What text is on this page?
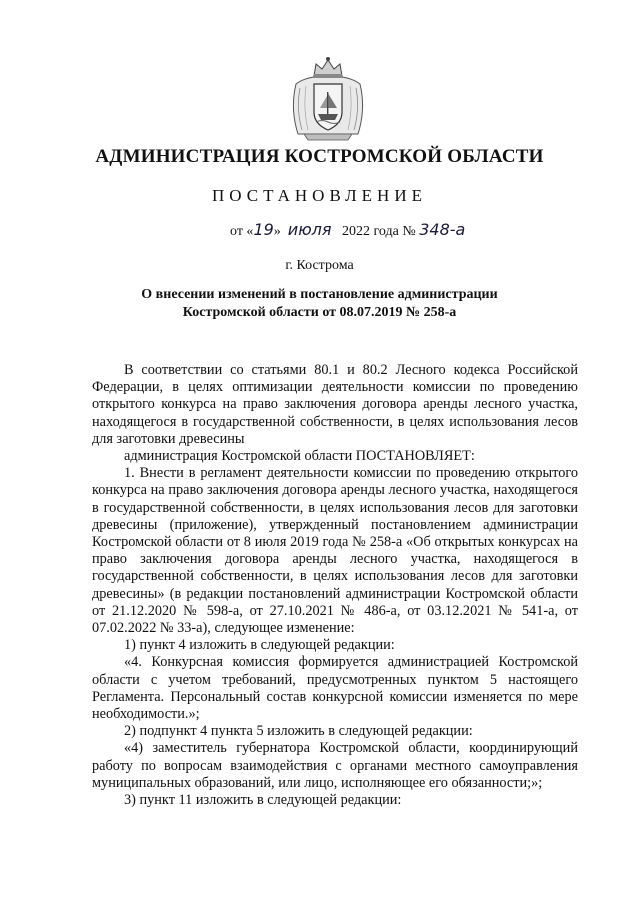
АДМИНИСТРАЦИЯ КОСТРОМСКОЙ ОБЛАСТИ
ПОСТАНОВЛЕНИЕ
от «19» июля 2022 года № 348-а
г. Кострома
О внесении изменений в постановление администрации
Костромской области от 08.07.2019 № 258-а

В соответствии со статьями 80.1 и 80.2 Лесного кодекса Российской Федерации, в целях оптимизации деятельности комиссии по проведению открытого конкурса на право заключения договора аренды лесного участка, находящегося в государственной собственности, в целях использования лесов для заготовки древесины

администрация Костромской области ПОСТАНОВЛЯЕТ:

1. Внести в регламент деятельности комиссии по проведению открытого конкурса на право заключения договора аренды лесного участка, находящегося в государственной собственности, в целях использования лесов для заготовки древесины (приложение), утвержденный постановлением администрации Костромской области от 8 июля 2019 года № 258-а «Об открытых конкурсах на право заключения договора аренды лесного участка, находящегося в государственной собственности, в целях использования лесов для заготовки древесины» (в редакции постановлений администрации Костромской области от 21.12.2020 № 598-а, от 27.10.2021 № 486-а, от 03.12.2021 № 541-а, от 07.02.2022 № 33-а), следующее изменение:

1) пункт 4 изложить в следующей редакции:

«4. Конкурсная комиссия формируется администрацией Костромской области с учетом требований, предусмотренных пунктом 5 настоящего Регламента. Персональный состав конкурсной комиссии изменяется по мере необходимости.»;

2) подпункт 4 пункта 5 изложить в следующей редакции:

«4) заместитель губернатора Костромской области, координирующий работу по вопросам взаимодействия с органами местного самоуправления муниципальных образований, или лицо, исполняющее его обязанности;»;

3) пункт 11 изложить в следующей редакции:
